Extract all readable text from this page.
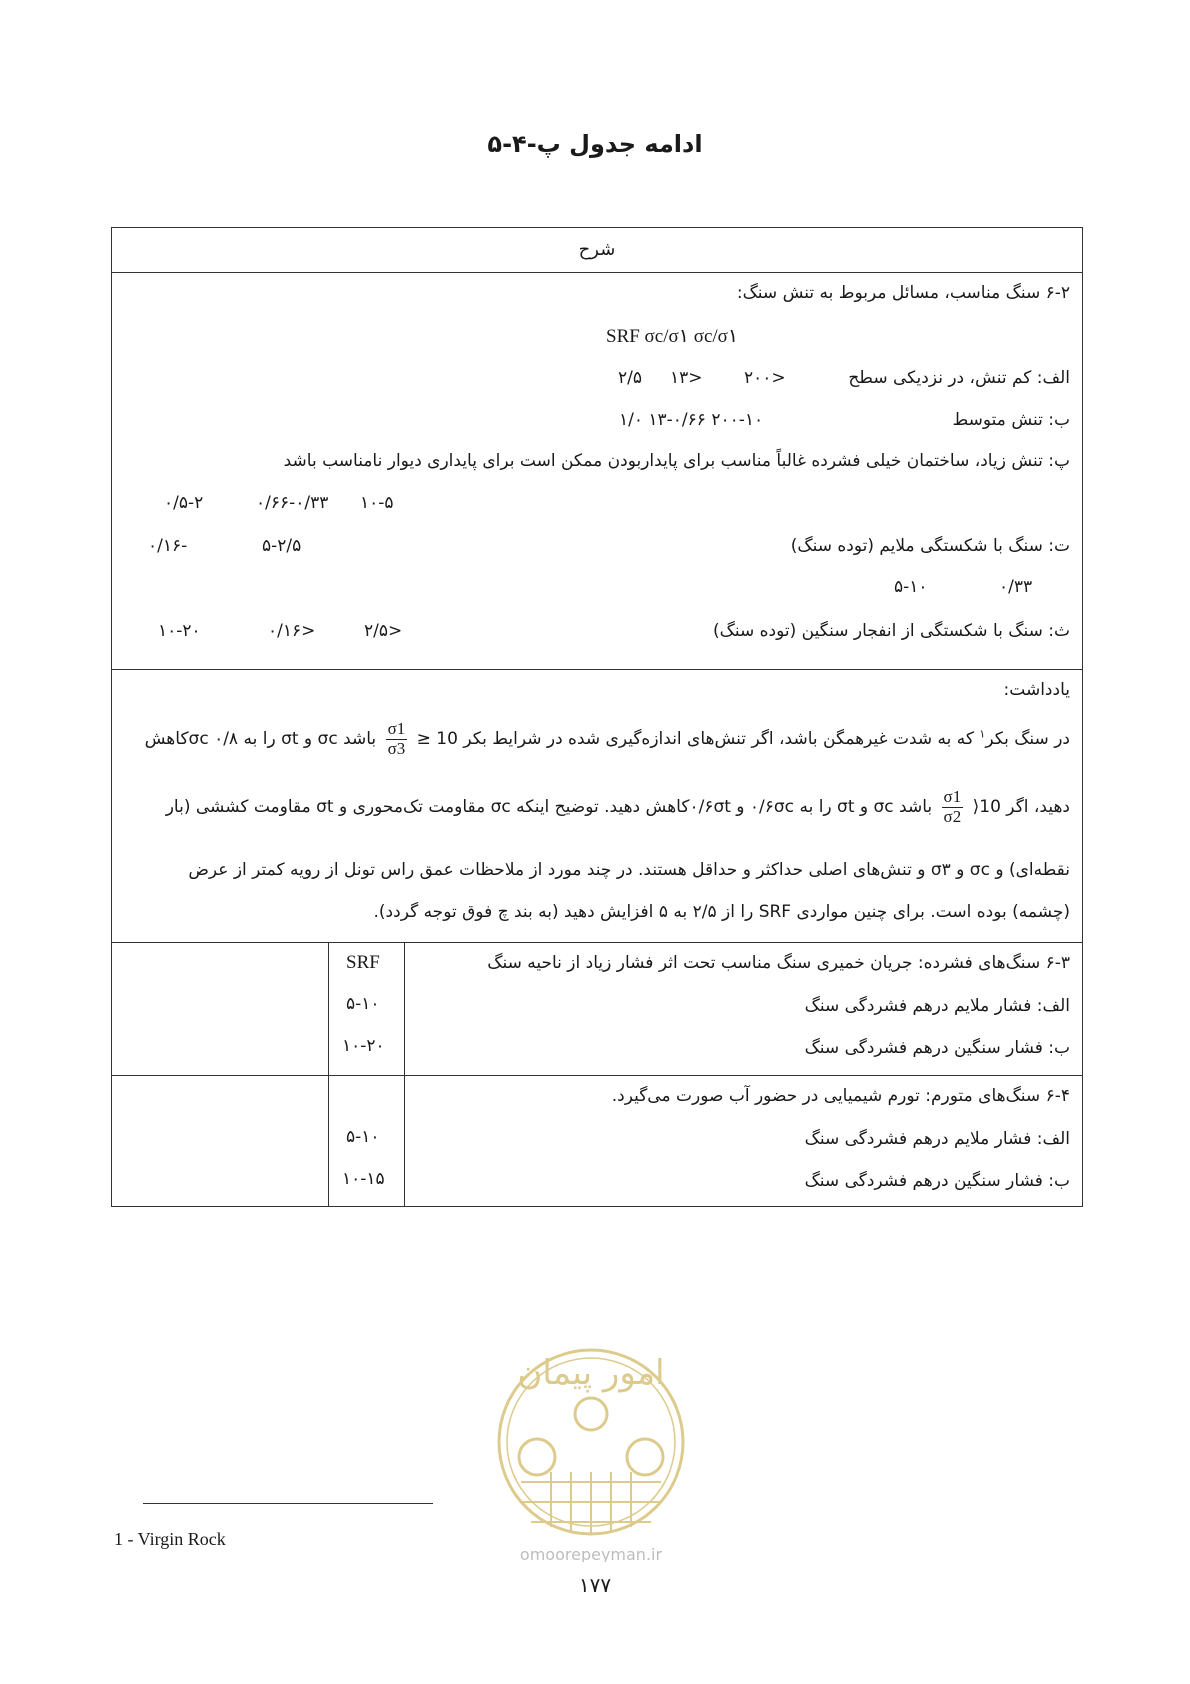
ادامه جدول پ-۴-۵
شرح
۶-۲ سنگ مناسب، مسائل مربوط به تنش سنگ:
SRF σc/σ۱ σc/σ۱
الف: کم تنش، در نزدیکی سطح
<۲۰۰
<۱۳
۲/۵
ب: تنش متوسط
۲۰۰-۱۰ ۱۳-۰/۶۶ ۱/۰
پ: تنش زیاد، ساختمان خیلی فشرده غالباً مناسب برای پایداربودن ممکن است برای پایداری دیوار نامناسب باشد
۱۰-۵
۰/۶۶-۰/۳۳
۰/۵-۲
ت: سنگ با شکستگی ملایم (توده سنگ)
۵-۲/۵
-۰/۱۶
۵-۱۰	۰/۳۳
ث: سنگ با شکستگی از انفجار سنگین (توده سنگ)
<۲/۵
<۰/۱۶
۱۰-۲۰
یادداشت:
در سنگ بکر$^۱$ که به شدت غیرهمگن باشد، اگر تنش‌های اندازه‌گیری شده در شرایط بکر 10 ≤
$\frac{\sigma 1}{\sigma 3}$
باشد σc و σt را به σc ۰/۸کاهش
دهید، اگر 10⟨
$\frac{\sigma 1}{\sigma 2}$
باشد σc و σt را به ۰/۶σc و ۰/۶σtکاهش دهید. توضیح اینکه σc مقاومت تک‌محوری و σt مقاومت کششی (بار
نقطه‌ای) و σc و σ۳ و تنش‌های اصلی حداکثر و حداقل هستند. در چند مورد از ملاحظات عمق راس تونل از رویه کمتر از عرض
(چشمه) بوده است. برای چنین مواردی SRF را از ۲/۵ به ۵ افزایش دهید (به بند چ فوق توجه گردد).
۶-۳ سنگ‌های فشرده: جریان خمیری سنگ مناسب تحت اثر فشار زیاد از ناحیه سنگ
الف: فشار ملایم درهم فشردگی سنگ
ب: فشار سنگین درهم فشردگی سنگ
SRF
۵-۱۰
۱۰-۲۰
۶-۴ سنگ‌های متورم: تورم شیمیایی در حضور آب صورت می‌گیرد.
الف: فشار ملایم درهم فشردگی سنگ
ب: فشار سنگین درهم فشردگی سنگ
۵-۱۰
۱۰-۱۵
امور پیمان
omoorepeyman.ir
1 - Virgin Rock
۱۷۷
